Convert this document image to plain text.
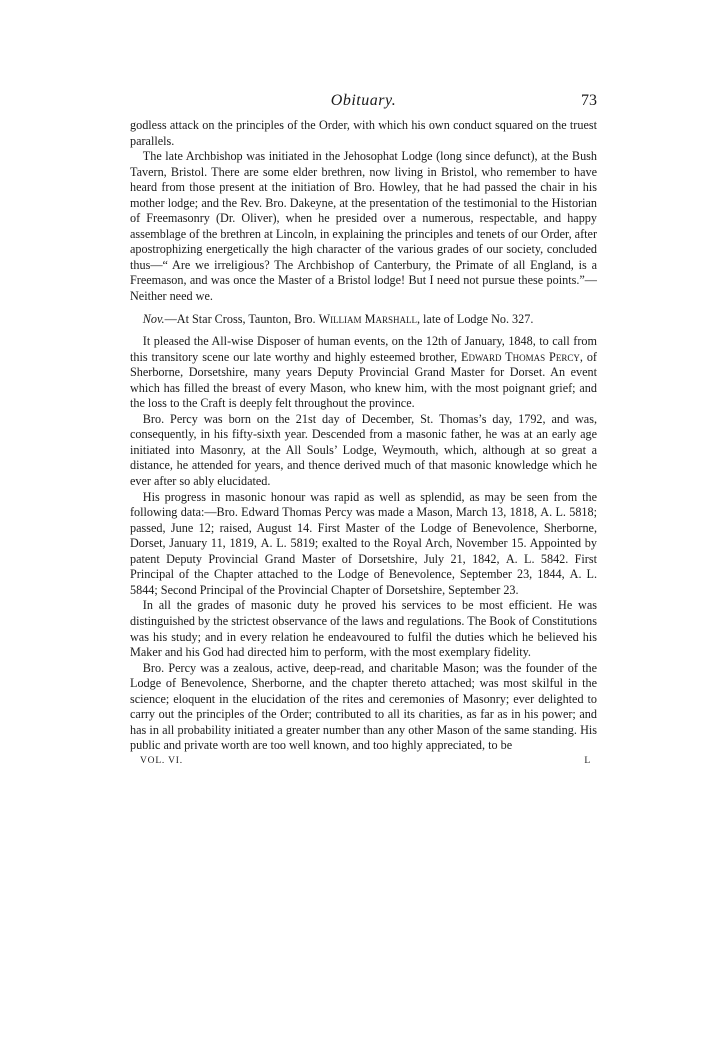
Obituary.	73

godless attack on the principles of the Order, with which his own conduct squared on the truest parallels.

The late Archbishop was initiated in the Jehosophat Lodge (long since defunct), at the Bush Tavern, Bristol. There are some elder brethren, now living in Bristol, who remember to have heard from those present at the initiation of Bro. Howley, that he had passed the chair in his mother lodge; and the Rev. Bro. Dakeyne, at the presentation of the testimonial to the Historian of Freemasonry (Dr. Oliver), when he presided over a numerous, respectable, and happy assemblage of the brethren at Lincoln, in explaining the principles and tenets of our Order, after apostrophizing energetically the high character of the various grades of our society, concluded thus—“ Are we irreligious? The Archbishop of Canterbury, the Primate of all England, is a Freemason, and was once the Master of a Bristol lodge! But I need not pursue these points.”—Neither need we.

Nov.—At Star Cross, Taunton, Bro. William Marshall, late of Lodge No. 327.

It pleased the All-wise Disposer of human events, on the 12th of January, 1848, to call from this transitory scene our late worthy and highly esteemed brother, Edward Thomas Percy, of Sherborne, Dorsetshire, many years Deputy Provincial Grand Master for Dorset. An event which has filled the breast of every Mason, who knew him, with the most poignant grief; and the loss to the Craft is deeply felt throughout the province.

Bro. Percy was born on the 21st day of December, St. Thomas’s day, 1792, and was, consequently, in his fifty-sixth year. Descended from a masonic father, he was at an early age initiated into Masonry, at the All Souls’ Lodge, Weymouth, which, although at so great a distance, he attended for years, and thence derived much of that masonic knowledge which he ever after so ably elucidated.

His progress in masonic honour was rapid as well as splendid, as may be seen from the following data:—Bro. Edward Thomas Percy was made a Mason, March 13, 1818, A. L. 5818; passed, June 12; raised, August 14. First Master of the Lodge of Benevolence, Sherborne, Dorset, January 11, 1819, A. L. 5819; exalted to the Royal Arch, November 15. Appointed by patent Deputy Provincial Grand Master of Dorsetshire, July 21, 1842, A. L. 5842. First Principal of the Chapter attached to the Lodge of Benevolence, September 23, 1844, A. L. 5844; Second Principal of the Provincial Chapter of Dorsetshire, September 23.

In all the grades of masonic duty he proved his services to be most efficient. He was distinguished by the strictest observance of the laws and regulations. The Book of Constitutions was his study; and in every relation he endeavoured to fulfil the duties which he believed his Maker and his God had directed him to perform, with the most exemplary fidelity.

Bro. Percy was a zealous, active, deep-read, and charitable Mason; was the founder of the Lodge of Benevolence, Sherborne, and the chapter thereto attached; was most skilful in the science; eloquent in the elucidation of the rites and ceremonies of Masonry; ever delighted to carry out the principles of the Order; contributed to all its charities, as far as in his power; and has in all probability initiated a greater number than any other Mason of the same standing. His public and private worth are too well known, and too highly appreciated, to be

VOL. VI.	L
